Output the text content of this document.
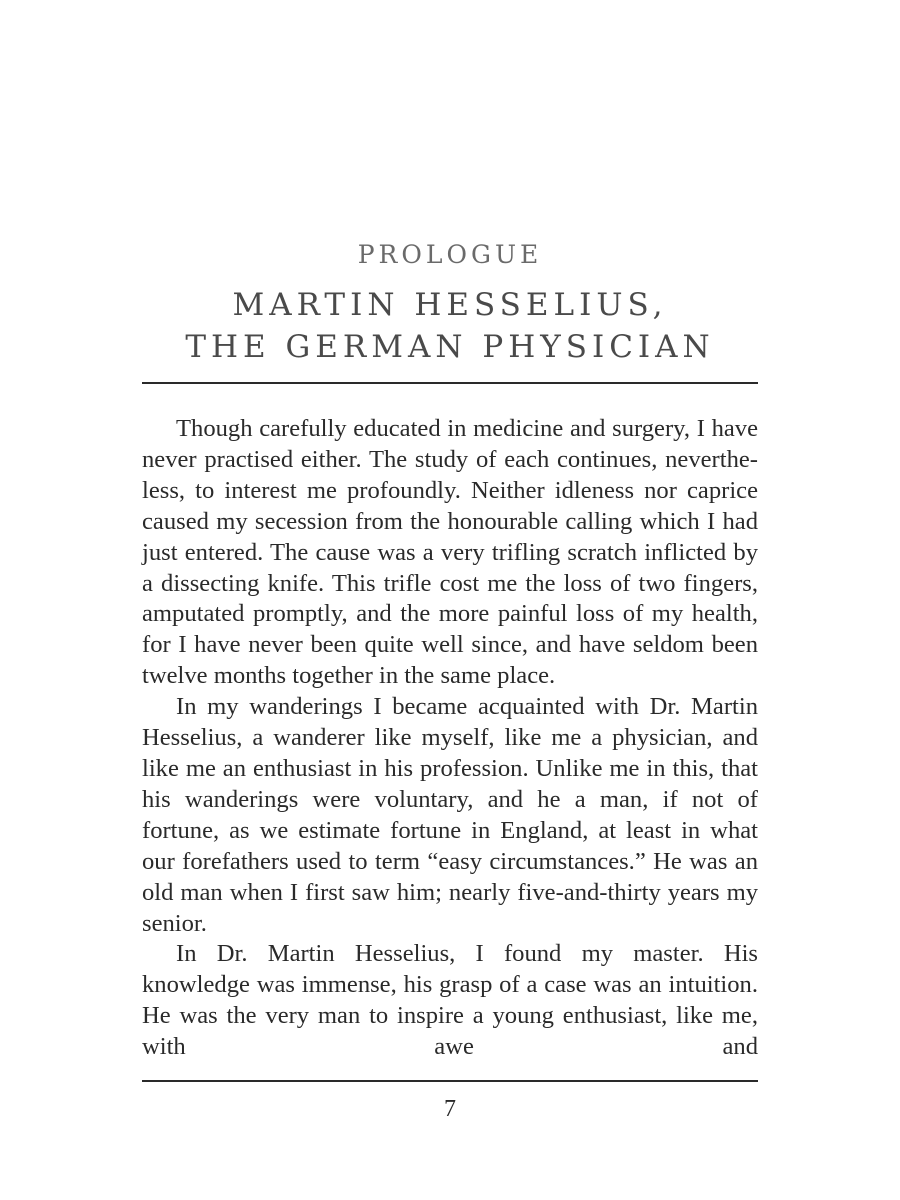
PROLOGUE
MARTIN HESSELIUS,
THE GERMAN PHYSICIAN

Though carefully educated in medicine and surgery, I have never practised either. The study of each continues, nevertheless, to interest me profoundly. Neither idleness nor caprice caused my secession from the honourable calling which I had just entered. The cause was a very trifling scratch inflicted by a dissecting knife. This trifle cost me the loss of two fingers, amputated promptly, and the more painful loss of my health, for I have never been quite well since, and have seldom been twelve months together in the same place.

In my wanderings I became acquainted with Dr. Martin Hesselius, a wanderer like myself, like me a physician, and like me an enthusiast in his profession. Unlike me in this, that his wanderings were voluntary, and he a man, if not of fortune, as we estimate fortune in England, at least in what our forefathers used to term “easy circumstances.” He was an old man when I first saw him; nearly five-and-thirty years my senior.

In Dr. Martin Hesselius, I found my master. His knowledge was immense, his grasp of a case was an intuition. He was the very man to inspire a young enthusiast, like me, with awe and

7
